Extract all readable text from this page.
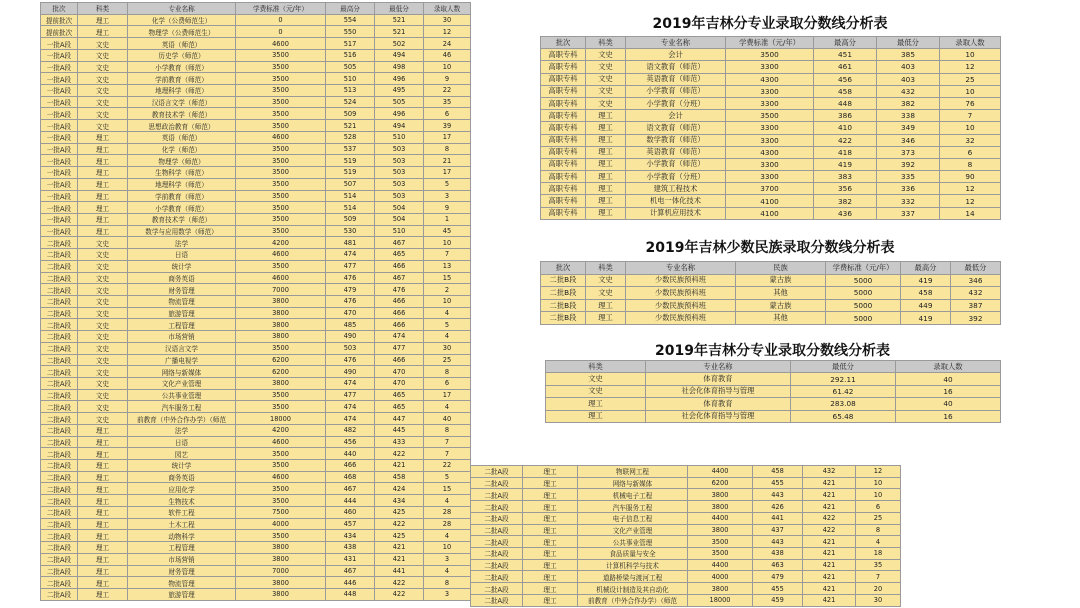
批次	科类	专业名称	学费标准（元/年）	最高分	最低分	录取人数
提前批次	理工	化学（公费师范生）	0	554	521	30
提前批次	理工	物理学（公费师范生）	0	550	521	12
一批A段	文史	英语（师范）	4600	517	502	24
一批A段	文史	历史学（师范）	3500	516	494	46
一批A段	文史	小学教育（师范）	3500	505	498	10
一批A段	文史	学前教育（师范）	3500	510	496	9
一批A段	文史	地理科学（师范）	3500	513	495	22
一批A段	文史	汉语言文学（师范）	3500	524	505	35
一批A段	文史	教育技术学（师范）	3500	509	496	6
一批A段	文史	思想政治教育（师范）	3500	521	494	39
一批A段	理工	英语（师范）	4600	528	510	17
一批A段	理工	化学（师范）	3500	537	503	8
一批A段	理工	物理学（师范）	3500	519	503	21
一批A段	理工	生物科学（师范）	3500	519	503	17
一批A段	理工	地理科学（师范）	3500	507	503	5
一批A段	理工	学前教育（师范）	3500	514	503	3
一批A段	理工	小学教育（师范）	3500	514	504	9
一批A段	理工	教育技术学（师范）	3500	509	504	1
一批A段	理工	数学与应用数学（师范）	3500	530	510	45
二批A段	文史	法学	4200	481	467	10
二批A段	文史	日语	4600	474	465	7
二批A段	文史	统计学	3500	477	466	13
二批A段	文史	商务英语	4600	476	467	15
二批A段	文史	财务管理	7000	479	476	2
二批A段	文史	物流管理	3800	476	466	10
二批A段	文史	旅游管理	3800	470	466	4
二批A段	文史	工程管理	3800	485	466	5
二批A段	文史	市场营销	3800	490	474	4
二批A段	文史	汉语言文学	3500	503	477	30
二批A段	文史	广播电视学	6200	476	466	25
二批A段	文史	网络与新媒体	6200	490	470	8
二批A段	文史	文化产业管理	3800	474	470	6
二批A段	文史	公共事业管理	3500	477	465	17
二批A段	文史	汽车服务工程	3500	474	465	4
二批A段	文史	前教育（中外合作办学）（师范	18000	474	447	40
二批A段	理工	法学	4200	482	445	8
二批A段	理工	日语	4600	456	433	7
二批A段	理工	园艺	3500	440	422	7
二批A段	理工	统计学	3500	466	421	22
二批A段	理工	商务英语	4600	468	458	5
二批A段	理工	应用化学	3500	467	424	15
二批A段	理工	生物技术	3500	444	434	4
二批A段	理工	软件工程	7500	460	425	28
二批A段	理工	土木工程	4000	457	422	28
二批A段	理工	动物科学	3500	434	425	4
二批A段	理工	工程管理	3800	438	421	10
二批A段	理工	市场营销	3800	431	421	3
二批A段	理工	财务管理	7000	467	441	4
二批A段	理工	物流管理	3800	446	422	8
二批A段	理工	旅游管理	3800	448	422	3
二批A段	理工	物联网工程	4400	458	432	12
二批A段	理工	网络与新媒体	6200	455	421	10
二批A段	理工	机械电子工程	3800	443	421	10
二批A段	理工	汽车服务工程	3800	426	421	6
二批A段	理工	电子信息工程	4400	441	422	25
二批A段	理工	文化产业管理	3800	437	422	8
二批A段	理工	公共事业管理	3500	443	421	4
二批A段	理工	食品质量与安全	3500	438	421	18
二批A段	理工	计算机科学与技术	4400	463	421	35
二批A段	理工	道路桥梁与渡河工程	4000	479	421	7
二批A段	理工	机械设计制造及其自动化	3800	455	421	20
二批A段	理工	前教育（中外合作办学）（师范	18000	459	421	30
2019年吉林分专业录取分数线分析表
批次	科类	专业名称	学费标准（元/年）	最高分	最低分	录取人数
高职专科	文史	会计	3500	451	385	10
高职专科	文史	语文教育（师范）	3300	461	403	12
高职专科	文史	英语教育（师范）	4300	456	403	25
高职专科	文史	小学教育（师范）	3300	458	432	10
高职专科	文史	小学教育（分班）	3300	448	382	76
高职专科	理工	会计	3500	386	338	7
高职专科	理工	语文教育（师范）	3300	410	349	10
高职专科	理工	数学教育（师范）	3300	422	346	32
高职专科	理工	英语教育（师范）	4300	418	373	6
高职专科	理工	小学教育（师范）	3300	419	392	8
高职专科	理工	小学教育（分班）	3300	383	335	90
高职专科	理工	建筑工程技术	3700	356	336	12
高职专科	理工	机电一体化技术	4100	382	332	12
高职专科	理工	计算机应用技术	4100	436	337	14
2019年吉林少数民族录取分数线分析表
批次	科类	专业名称	民族	学费标准（元/年）	最高分	最低分
二批B段	文史	少数民族预科班	蒙古族	5000	419	346
二批B段	文史	少数民族预科班	其他	5000	458	432
二批B段	理工	少数民族预科班	蒙古族	5000	449	387
二批B段	理工	少数民族预科班	其他	5000	419	392
2019年吉林分专业录取分数线分析表
科类	专业名称	最低分	录取人数
文史	体育教育	292.11	40
文史	社会化体育指导与管理	61.42	16
理工	体育教育	283.08	40
理工	社会化体育指导与管理	65.48	16
